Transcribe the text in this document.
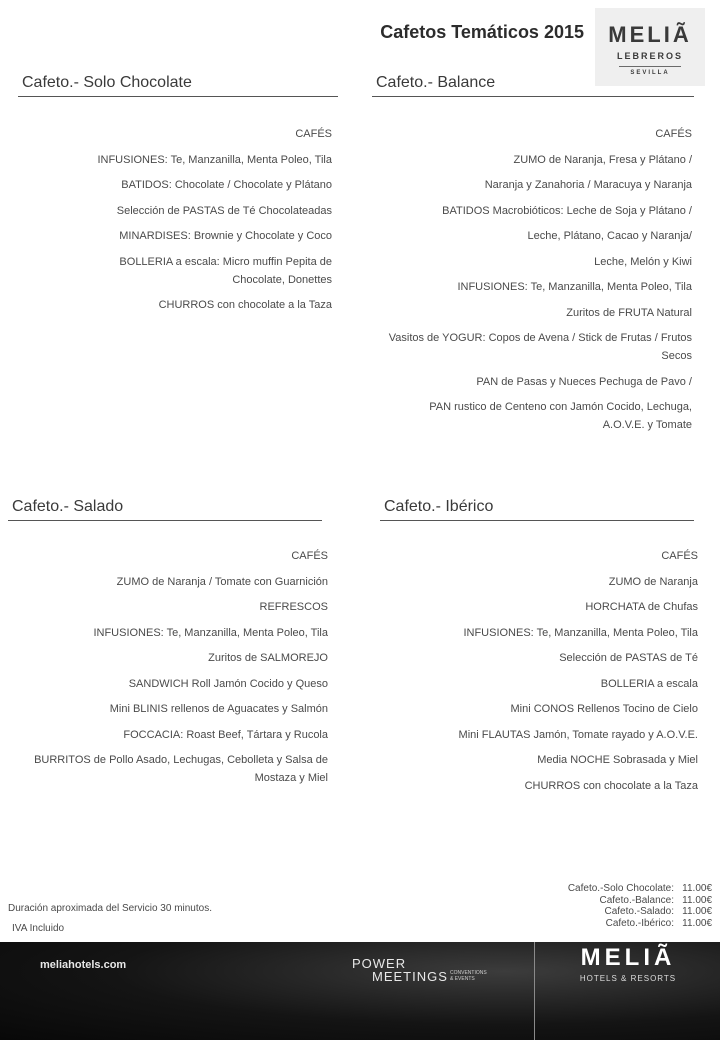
Cafetos Temáticos 2015	MELIÃ
LEBREROS
SEVILLA
Cafeto.- Solo Chocolate
CAFÉS
INFUSIONES: Te, Manzanilla, Menta Poleo, Tila
BATIDOS: Chocolate / Chocolate y Plátano
Selección de PASTAS de Té Chocolateadas
MINARDISES: Brownie y Chocolate y Coco
BOLLERIA a escala: Micro muffin Pepita de Chocolate, Donettes
CHURROS con chocolate a la Taza
Cafeto.- Balance
CAFÉS
ZUMO de Naranja, Fresa y Plátano /
Naranja y Zanahoria / Maracuya y Naranja
BATIDOS Macrobióticos: Leche de Soja y Plátano /
Leche, Plátano, Cacao y Naranja/
Leche, Melón y Kiwi
INFUSIONES: Te, Manzanilla, Menta Poleo, Tila
Zuritos de FRUTA Natural
Vasitos de YOGUR: Copos de Avena / Stick de Frutas / Frutos Secos
PAN de Pasas y Nueces Pechuga de Pavo /
PAN rustico de Centeno con Jamón Cocido, Lechuga, A.O.V.E. y Tomate
Cafeto.- Salado
CAFÉS
ZUMO de Naranja / Tomate con Guarnición
REFRESCOS
INFUSIONES: Te, Manzanilla, Menta Poleo, Tila
Zuritos de SALMOREJO
SANDWICH Roll Jamón Cocido y Queso
Mini BLINIS rellenos de Aguacates y Salmón
FOCCACIA: Roast Beef, Tártara y Rucola
BURRITOS de Pollo Asado, Lechugas, Cebolleta y Salsa de Mostaza y Miel
Cafeto.- Ibérico
CAFÉS
ZUMO de Naranja
HORCHATA de Chufas
INFUSIONES: Te, Manzanilla, Menta Poleo, Tila
Selección de PASTAS de Té
BOLLERIA a escala
Mini CONOS Rellenos Tocino de Cielo
Mini FLAUTAS Jamón, Tomate rayado y A.O.V.E.
Media NOCHE Sobrasada y Miel
CHURROS con chocolate a la Taza
Duración aproximada del Servicio 30 minutos.
IVA Incluido
Cafeto.-Solo Chocolate: 11.00€
Cafeto.-Balance: 11.00€
Cafeto.-Salado: 11.00€
Cafeto.-Ibérico: 11.00€
meliahotels.com	POWER
MEETINGS CONVENTIONS & EVENTS
MELIÃ
HOTELS & RESORTS
